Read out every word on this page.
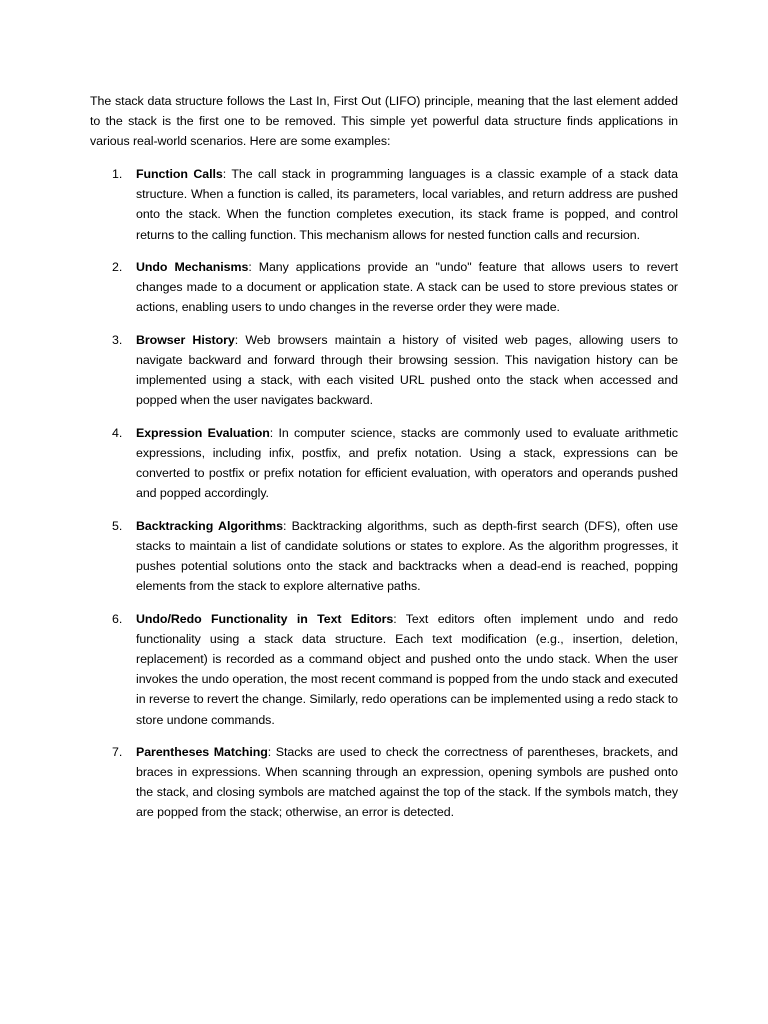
The stack data structure follows the Last In, First Out (LIFO) principle, meaning that the last element added to the stack is the first one to be removed. This simple yet powerful data structure finds applications in various real-world scenarios. Here are some examples:

1. Function Calls: The call stack in programming languages is a classic example of a stack data structure. When a function is called, its parameters, local variables, and return address are pushed onto the stack. When the function completes execution, its stack frame is popped, and control returns to the calling function. This mechanism allows for nested function calls and recursion.
2. Undo Mechanisms: Many applications provide an "undo" feature that allows users to revert changes made to a document or application state. A stack can be used to store previous states or actions, enabling users to undo changes in the reverse order they were made.
3. Browser History: Web browsers maintain a history of visited web pages, allowing users to navigate backward and forward through their browsing session. This navigation history can be implemented using a stack, with each visited URL pushed onto the stack when accessed and popped when the user navigates backward.
4. Expression Evaluation: In computer science, stacks are commonly used to evaluate arithmetic expressions, including infix, postfix, and prefix notation. Using a stack, expressions can be converted to postfix or prefix notation for efficient evaluation, with operators and operands pushed and popped accordingly.
5. Backtracking Algorithms: Backtracking algorithms, such as depth-first search (DFS), often use stacks to maintain a list of candidate solutions or states to explore. As the algorithm progresses, it pushes potential solutions onto the stack and backtracks when a dead-end is reached, popping elements from the stack to explore alternative paths.
6. Undo/Redo Functionality in Text Editors: Text editors often implement undo and redo functionality using a stack data structure. Each text modification (e.g., insertion, deletion, replacement) is recorded as a command object and pushed onto the undo stack. When the user invokes the undo operation, the most recent command is popped from the undo stack and executed in reverse to revert the change. Similarly, redo operations can be implemented using a redo stack to store undone commands.
7. Parentheses Matching: Stacks are used to check the correctness of parentheses, brackets, and braces in expressions. When scanning through an expression, opening symbols are pushed onto the stack, and closing symbols are matched against the top of the stack. If the symbols match, they are popped from the stack; otherwise, an error is detected.
